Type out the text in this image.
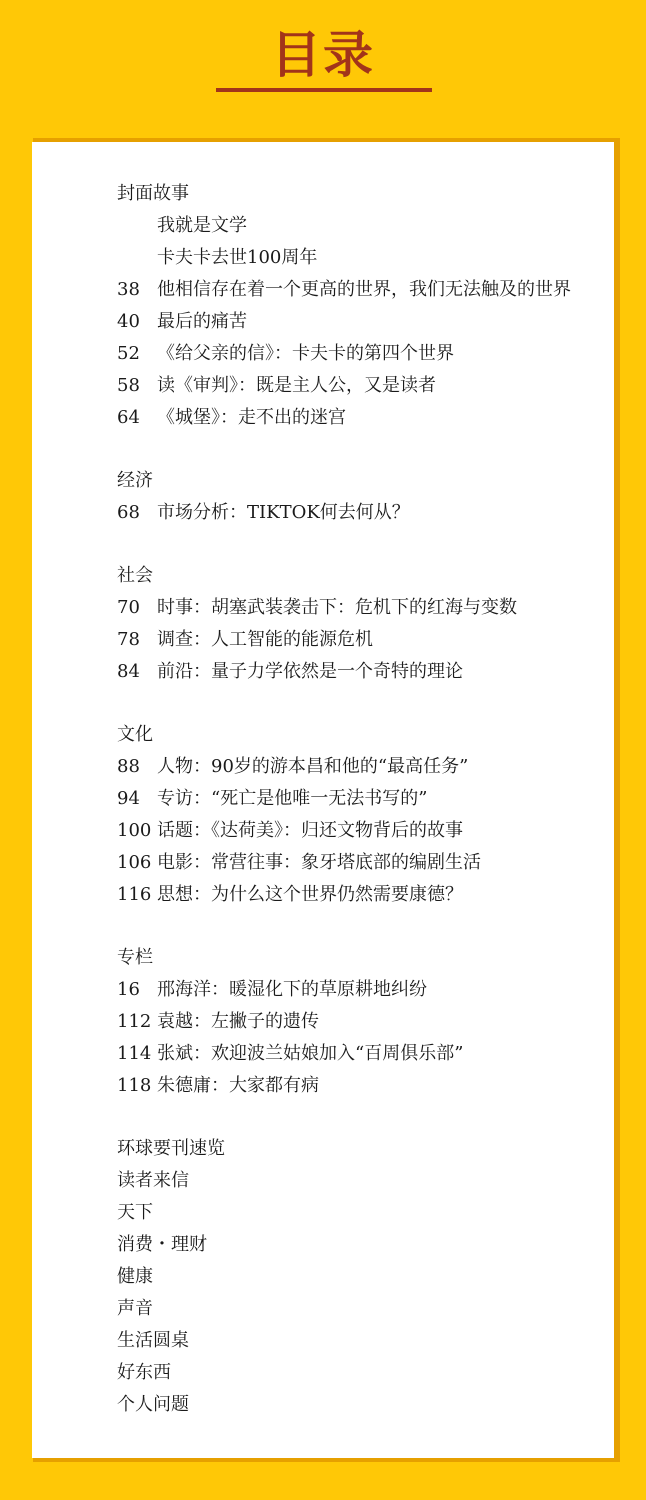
目录
封面故事
我就是文学
卡夫卡去世100周年
38 他相信存在着一个更高的世界，我们无法触及的世界
40 最后的痛苦
52 《给父亲的信》：卡夫卡的第四个世界
58 读《审判》：既是主人公，又是读者
64 《城堡》：走不出的迷宫
经济
68 市场分析：TIKTOK何去何从？
社会
70 时事：胡塞武装袭击下：危机下的红海与变数
78 调查：人工智能的能源危机
84 前沿：量子力学依然是一个奇特的理论
文化
88 人物：90岁的游本昌和他的“最高任务”
94 专访：“死亡是他唯一无法书写的”
100 话题：《达荷美》：归还文物背后的故事
106 电影：常营往事：象牙塔底部的编剧生活
116 思想：为什么这个世界仍然需要康德？
专栏
16 邢海洋：暖湿化下的草原耕地纠纷
112 袁越：左撇子的遗传
114 张斌：欢迎波兰姑娘加入“百周俱乐部”
118 朱德庸：大家都有病
环球要刊速览
读者来信
天下
消费・理财
健康
声音
生活圆桌
好东西
个人问题
